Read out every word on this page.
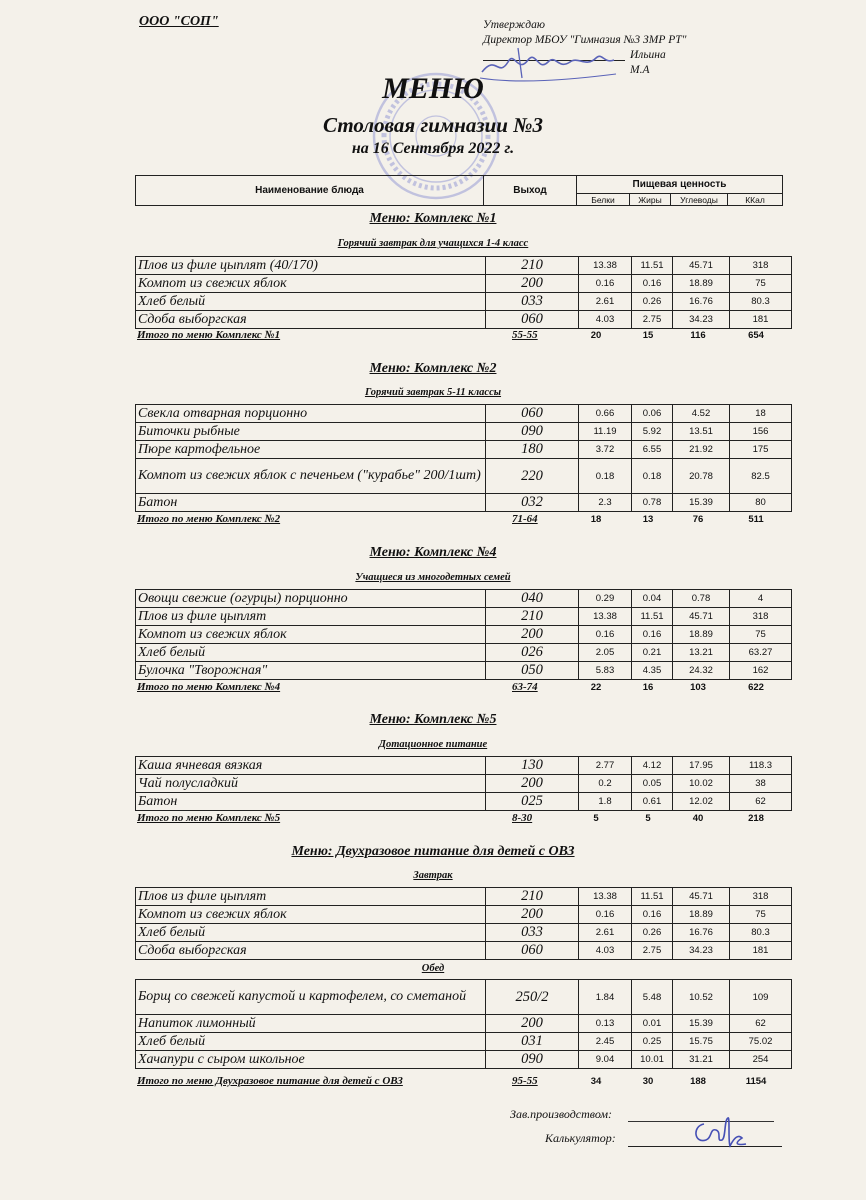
ООО "СОП"	Утверждаю
Директор МБОУ "Гимназия №3 ЗМР РТ"
Ильина М.А
МЕНЮ
Столовая гимназии №3
на 16 Сентября 2022 г.
Наименование блюда	Выход	Пищевая ценность			
		Белки	Жиры	Углеводы	ККал
Меню: Комплекс №1
Горячий завтрак для учащихся 1-4 класс
Плов из филе цыплят (40/170)	210	13.38	11.51	45.71	318
Компот из свежих яблок	200	0.16	0.16	18.89	75
Хлеб белый	033	2.61	0.26	16.76	80.3
Сдоба выборгская	060	4.03	2.75	34.23	181
Итого по меню Комплекс №1	55-55	20	15	116	654
Меню: Комплекс №2
Горячий завтрак 5-11 классы
Свекла отварная порционно	060	0.66	0.06	4.52	18
Биточки рыбные	090	11.19	5.92	13.51	156
Пюре картофельное	180	3.72	6.55	21.92	175
Компот из свежих яблок с печеньем ("курабье" 200/1шт)	220	0.18	0.18	20.78	82.5
Батон	032	2.3	0.78	15.39	80
Итого по меню Комплекс №2	71-64	18	13	76	511
Меню: Комплекс №4
Учащиеся из многодетных семей
Овощи свежие (огурцы) порционно	040	0.29	0.04	0.78	4
Плов из филе цыплят	210	13.38	11.51	45.71	318
Компот из свежих яблок	200	0.16	0.16	18.89	75
Хлеб белый	026	2.05	0.21	13.21	63.27
Булочка "Творожная"	050	5.83	4.35	24.32	162
Итого по меню Комплекс №4	63-74	22	16	103	622
Меню: Комплекс №5
Дотационное питание
Каша ячневая вязкая	130	2.77	4.12	17.95	118.3
Чай полусладкий	200	0.2	0.05	10.02	38
Батон	025	1.8	0.61	12.02	62
Итого по меню Комплекс №5	8-30	5	5	40	218
Меню: Двухразовое питание для детей с ОВЗ
Завтрак
Плов из филе цыплят	210	13.38	11.51	45.71	318
Компот из свежих яблок	200	0.16	0.16	18.89	75
Хлеб белый	033	2.61	0.26	16.76	80.3
Сдоба выборгская	060	4.03	2.75	34.23	181
Обед
Борщ со свежей капустой и картофелем, со сметаной	250/2	1.84	5.48	10.52	109
Напиток лимонный	200	0.13	0.01	15.39	62
Хлеб белый	031	2.45	0.25	15.75	75.02
Хачапури с сыром школьное	090	9.04	10.01	31.21	254
Итого по меню Двухразовое питание для детей с ОВЗ	95-55	34	30	188	1154
Зав.производством:
Калькулятор:
